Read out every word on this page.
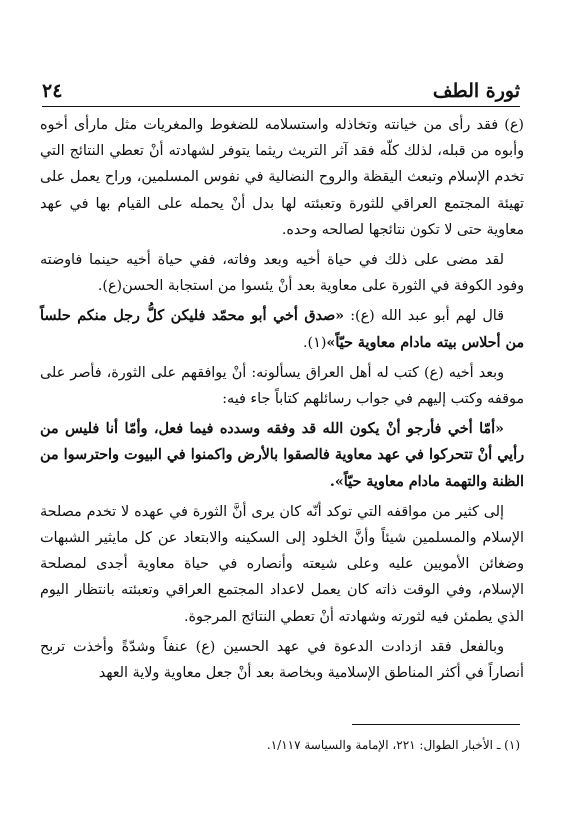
ثورة الطف
٢٤

(ع) فقد رأى من خيانته وتخاذله واستسلامه للضغوط والمغريات مثل مارأى أخوه وأبوه من قبله، لذلك كلّه فقد آثر التريث ريثما يتوفر لشهادته أنْ تعطي النتائج التي تخدم الإسلام وتبعث اليقظة والروح النضالية في نفوس المسلمين، وراح يعمل على تهيئة المجتمع العراقي للثورة وتعبئته لها بدل أنْ يحمله على القيام بها في عهد معاوية حتى لا تكون نتائجها لصالحه وحده.

لقد مضى على ذلك في حياة أخيه وبعد وفاته، ففي حياة أخيه حينما فاوضته وفود الكوفة في الثورة على معاوية بعد أنْ يئسوا من استجابة الحسن(ع).

قال لهم أبو عبد الله (ع): «صدق أخي أبو محمّد فليكن كلُّ رجل منكم حلساً من أحلاس بيته مادام معاوية حيّاً»(١).

وبعد أخيه (ع) كتب له أهل العراق يسألونه: أنْ يوافقهم على الثورة، فأصر على موقفه وكتب إليهم في جواب رسائلهم كتاباً جاء فيه:

«أمّا أخي فأرجو أنْ يكون الله قد وفقه وسدده فيما فعل، وأمّا أنا فليس من رأيي أنْ تتحركوا في عهد معاوية فالصقوا بالأرض واكمنوا في البيوت واحترسوا من الظنة والتهمة مادام معاوية حيّاً».

إلى كثير من مواقفه التي توكد أنّه كان يرى أنَّ الثورة في عهده لا تخدم مصلحة الإسلام والمسلمين شيئاً وأنَّ الخلود إلى السكينه والابتعاد عن كل مايثير الشبهات وضغائن الأمويين عليه وعلى شيعته وأنصاره في حياة معاوية أجدى لمصلحة الإسلام، وفي الوقت ذاته كان يعمل لاعداد المجتمع العراقي وتعبئته بانتظار اليوم الذي يطمئن فيه لثورته وشهادته أنْ تعطي النتائج المرجوة.

وبالفعل فقد ازدادت الدعوة في عهد الحسين (ع) عنفاً وشدّةً وأخذت تربح أنصاراً في أكثر المناطق الإسلامية وبخاصة بعد أنْ جعل معاوية ولاية العهد

(١) ـ الأخبار الطوال: ٢٢١، الإمامة والسياسة ١/١١٧.
